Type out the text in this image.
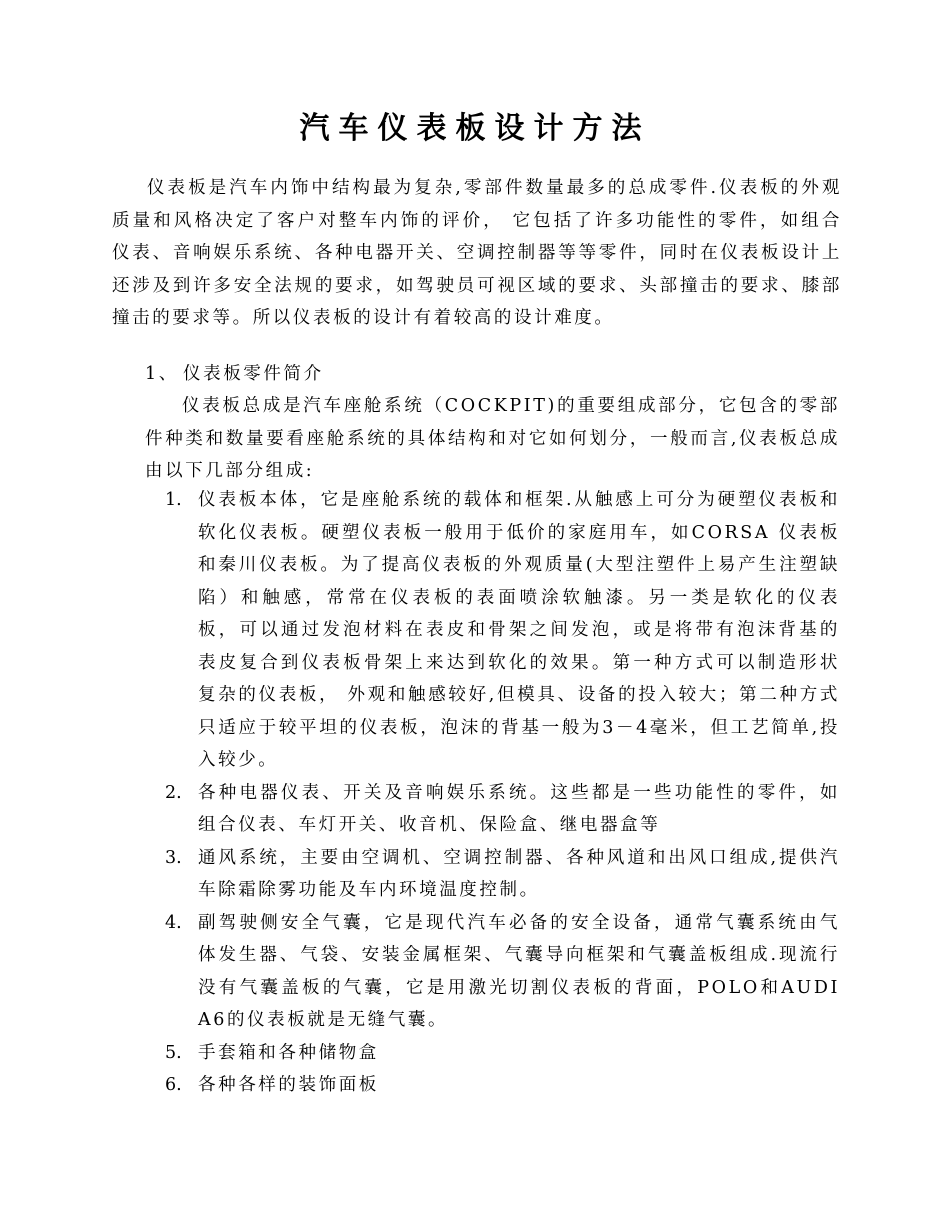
汽车仪表板设计方法

仪表板是汽车内饰中结构最为复杂,零部件数量最多的总成零件.仪表板的外观质量和风格决定了客户对整车内饰的评价， 它包括了许多功能性的零件，如组合仪表、音响娱乐系统、各种电器开关、空调控制器等等零件，同时在仪表板设计上还涉及到许多安全法规的要求，如驾驶员可视区域的要求、头部撞击的要求、膝部撞击的要求等。所以仪表板的设计有着较高的设计难度。

1、 仪表板零件简介

仪表板总成是汽车座舱系统（COCKPIT)的重要组成部分，它包含的零部件种类和数量要看座舱系统的具体结构和对它如何划分，一般而言,仪表板总成由以下几部分组成:

1. 仪表板本体，它是座舱系统的载体和框架.从触感上可分为硬塑仪表板和软化仪表板。硬塑仪表板一般用于低价的家庭用车，如CORSA 仪表板和秦川仪表板。为了提高仪表板的外观质量(大型注塑件上易产生注塑缺陷）和触感，常常在仪表板的表面喷涂软触漆。另一类是软化的仪表板，可以通过发泡材料在表皮和骨架之间发泡，或是将带有泡沫背基的表皮复合到仪表板骨架上来达到软化的效果。第一种方式可以制造形状复杂的仪表板， 外观和触感较好,但模具、设备的投入较大；第二种方式只适应于较平坦的仪表板，泡沫的背基一般为3－4毫米，但工艺简单,投入较少。
2. 各种电器仪表、开关及音响娱乐系统。这些都是一些功能性的零件，如组合仪表、车灯开关、收音机、保险盒、继电器盒等
3. 通风系统，主要由空调机、空调控制器、各种风道和出风口组成,提供汽车除霜除雾功能及车内环境温度控制。
4. 副驾驶侧安全气囊，它是现代汽车必备的安全设备，通常气囊系统由气体发生器、气袋、安装金属框架、气囊导向框架和气囊盖板组成.现流行没有气囊盖板的气囊，它是用激光切割仪表板的背面，POLO和AUDI A6的仪表板就是无缝气囊。
5. 手套箱和各种储物盒
6. 各种各样的装饰面板
